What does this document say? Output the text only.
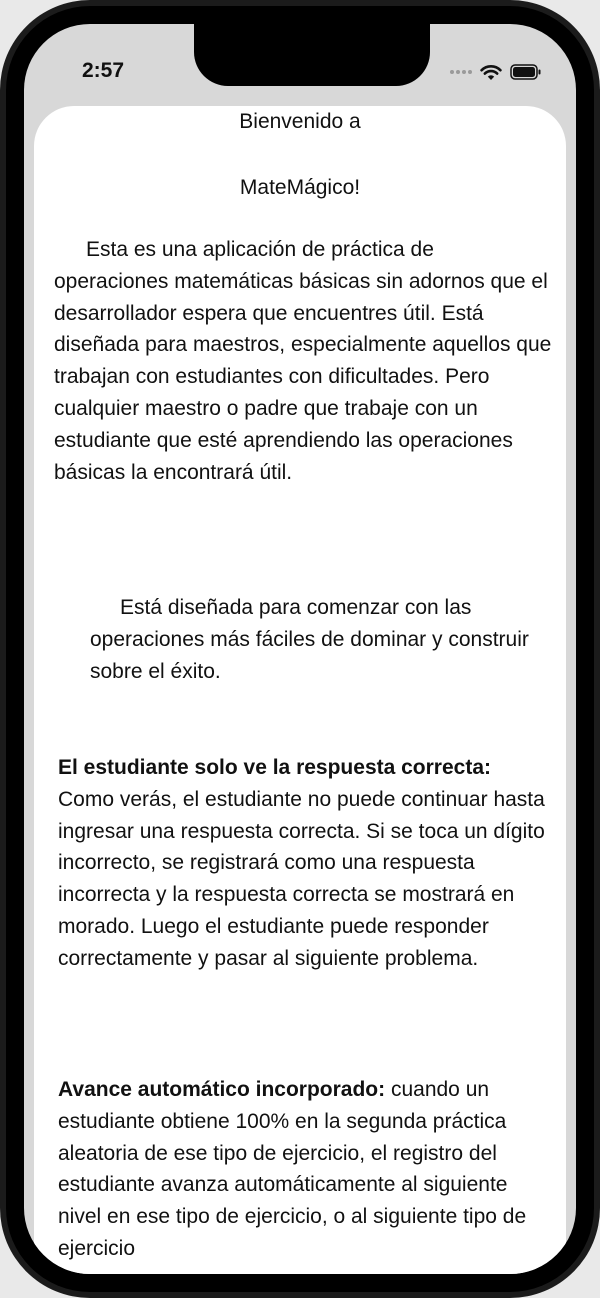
2:57

Bienvenido a

MateMágico!

Esta es una aplicación de práctica de operaciones matemáticas básicas sin adornos que el desarrollador espera que encuentres útil. Está diseñada para maestros, especialmente aquellos que trabajan con estudiantes con dificultades. Pero cualquier maestro o padre que trabaje con un estudiante que esté aprendiendo las operaciones básicas la encontrará útil.

Está diseñada para comenzar con las operaciones más fáciles de dominar y construir sobre el éxito.

El estudiante solo ve la respuesta correcta:
Como verás, el estudiante no puede continuar hasta ingresar una respuesta correcta. Si se toca un dígito incorrecto, se registrará como una respuesta incorrecta y la respuesta correcta se mostrará en morado. Luego el estudiante puede responder correctamente y pasar al siguiente problema.

Avance automático incorporado: cuando un estudiante obtiene 100% en la segunda práctica aleatoria de ese tipo de ejercicio, el registro del estudiante avanza automáticamente al siguiente nivel en ese tipo de ejercicio, o al siguiente tipo de ejercicio
